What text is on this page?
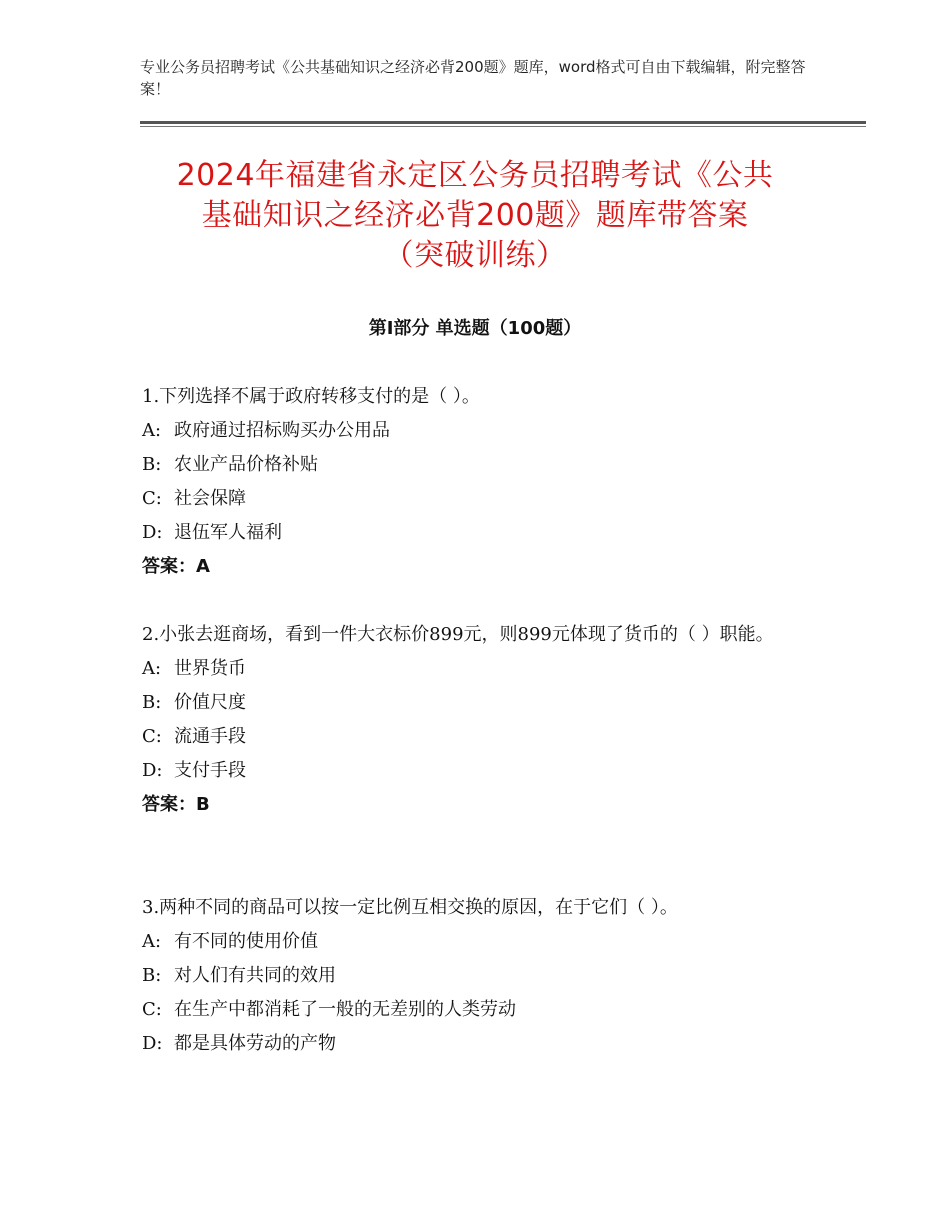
专业公务员招聘考试《公共基础知识之经济必背200题》题库，word格式可自由下载编辑，附完整答案！
2024年福建省永定区公务员招聘考试《公共
基础知识之经济必背200题》题库带答案
（突破训练）
第Ⅰ部分 单选题（100题）

1.下列选择不属于政府转移支付的是（ ）。

A: 政府通过招标购买办公用品

B: 农业产品价格补贴

C: 社会保障

D: 退伍军人福利

答案：A

2.小张去逛商场，看到一件大衣标价899元，则899元体现了货币的（ ）职能。

A: 世界货币

B: 价值尺度

C: 流通手段

D: 支付手段

答案：B

3.两种不同的商品可以按一定比例互相交换的原因，在于它们（ ）。

A: 有不同的使用价值

B: 对人们有共同的效用

C: 在生产中都消耗了一般的无差别的人类劳动

D: 都是具体劳动的产物
